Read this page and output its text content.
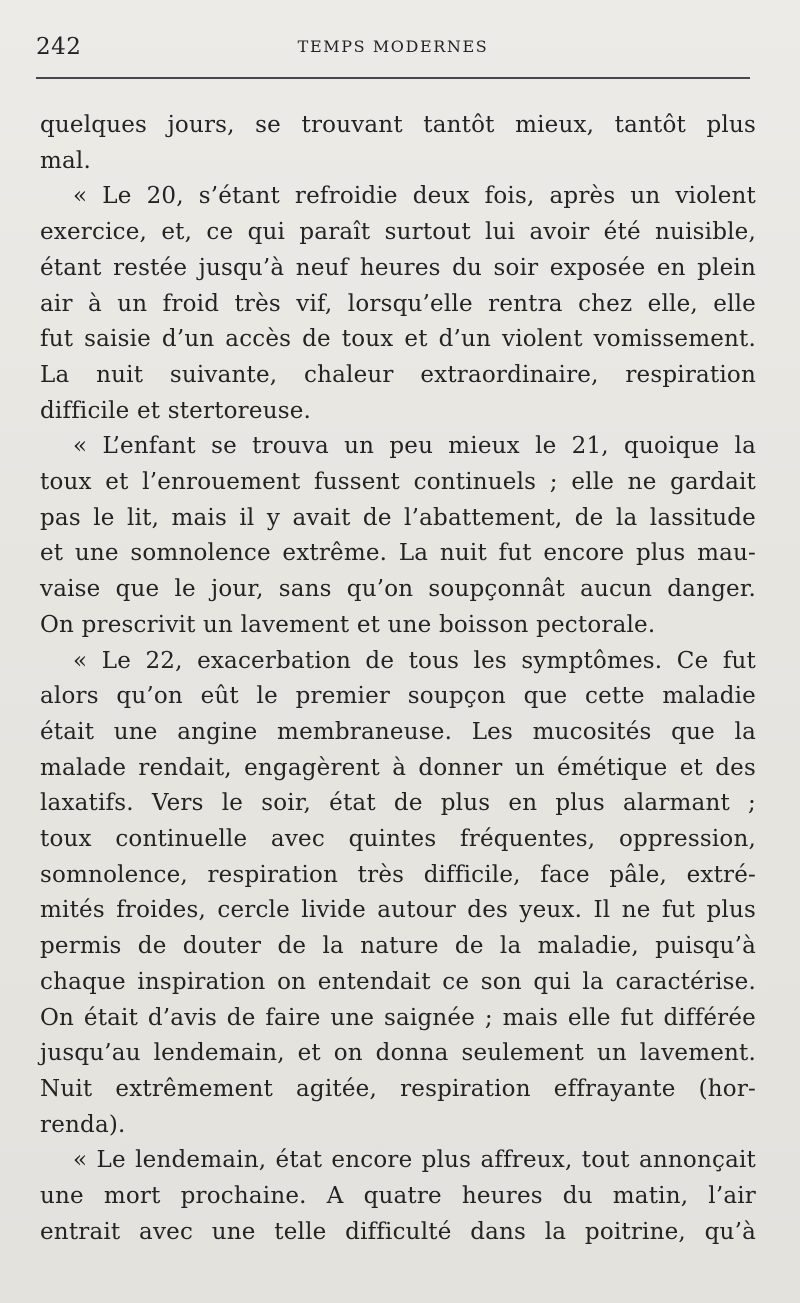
242	TEMPS MODERNES

quelques jours, se trouvant tantôt mieux, tantôt plus
mal.

« Le 20, s’étant refroidie deux fois, après un violent
exercice, et, ce qui paraît surtout lui avoir été nuisible,
étant restée jusqu’à neuf heures du soir exposée en plein
air à un froid très vif, lorsqu’elle rentra chez elle, elle
fut saisie d’un accès de toux et d’un violent vomissement.
La nuit suivante, chaleur extraordinaire, respiration
difficile et stertoreuse.

« L’enfant se trouva un peu mieux le 21, quoique la
toux et l’enrouement fussent continuels ; elle ne gardait
pas le lit, mais il y avait de l’abattement, de la lassitude
et une somnolence extrême. La nuit fut encore plus mau-
vaise que le jour, sans qu’on soupçonnât aucun danger.
On prescrivit un lavement et une boisson pectorale.

« Le 22, exacerbation de tous les symptômes. Ce fut
alors qu’on eût le premier soupçon que cette maladie
était une angine membraneuse. Les mucosités que la
malade rendait, engagèrent à donner un émétique et des
laxatifs. Vers le soir, état de plus en plus alarmant ;
toux continuelle avec quintes fréquentes, oppression,
somnolence, respiration très difficile, face pâle, extré-
mités froides, cercle livide autour des yeux. Il ne fut plus
permis de douter de la nature de la maladie, puisqu’à
chaque inspiration on entendait ce son qui la caractérise.
On était d’avis de faire une saignée ; mais elle fut différée
jusqu’au lendemain, et on donna seulement un lavement.
Nuit extrêmement agitée, respiration effrayante (hor-
renda).

« Le lendemain, état encore plus affreux, tout annonçait
une mort prochaine. A quatre heures du matin, l’air
entrait avec une telle difficulté dans la poitrine, qu’à
